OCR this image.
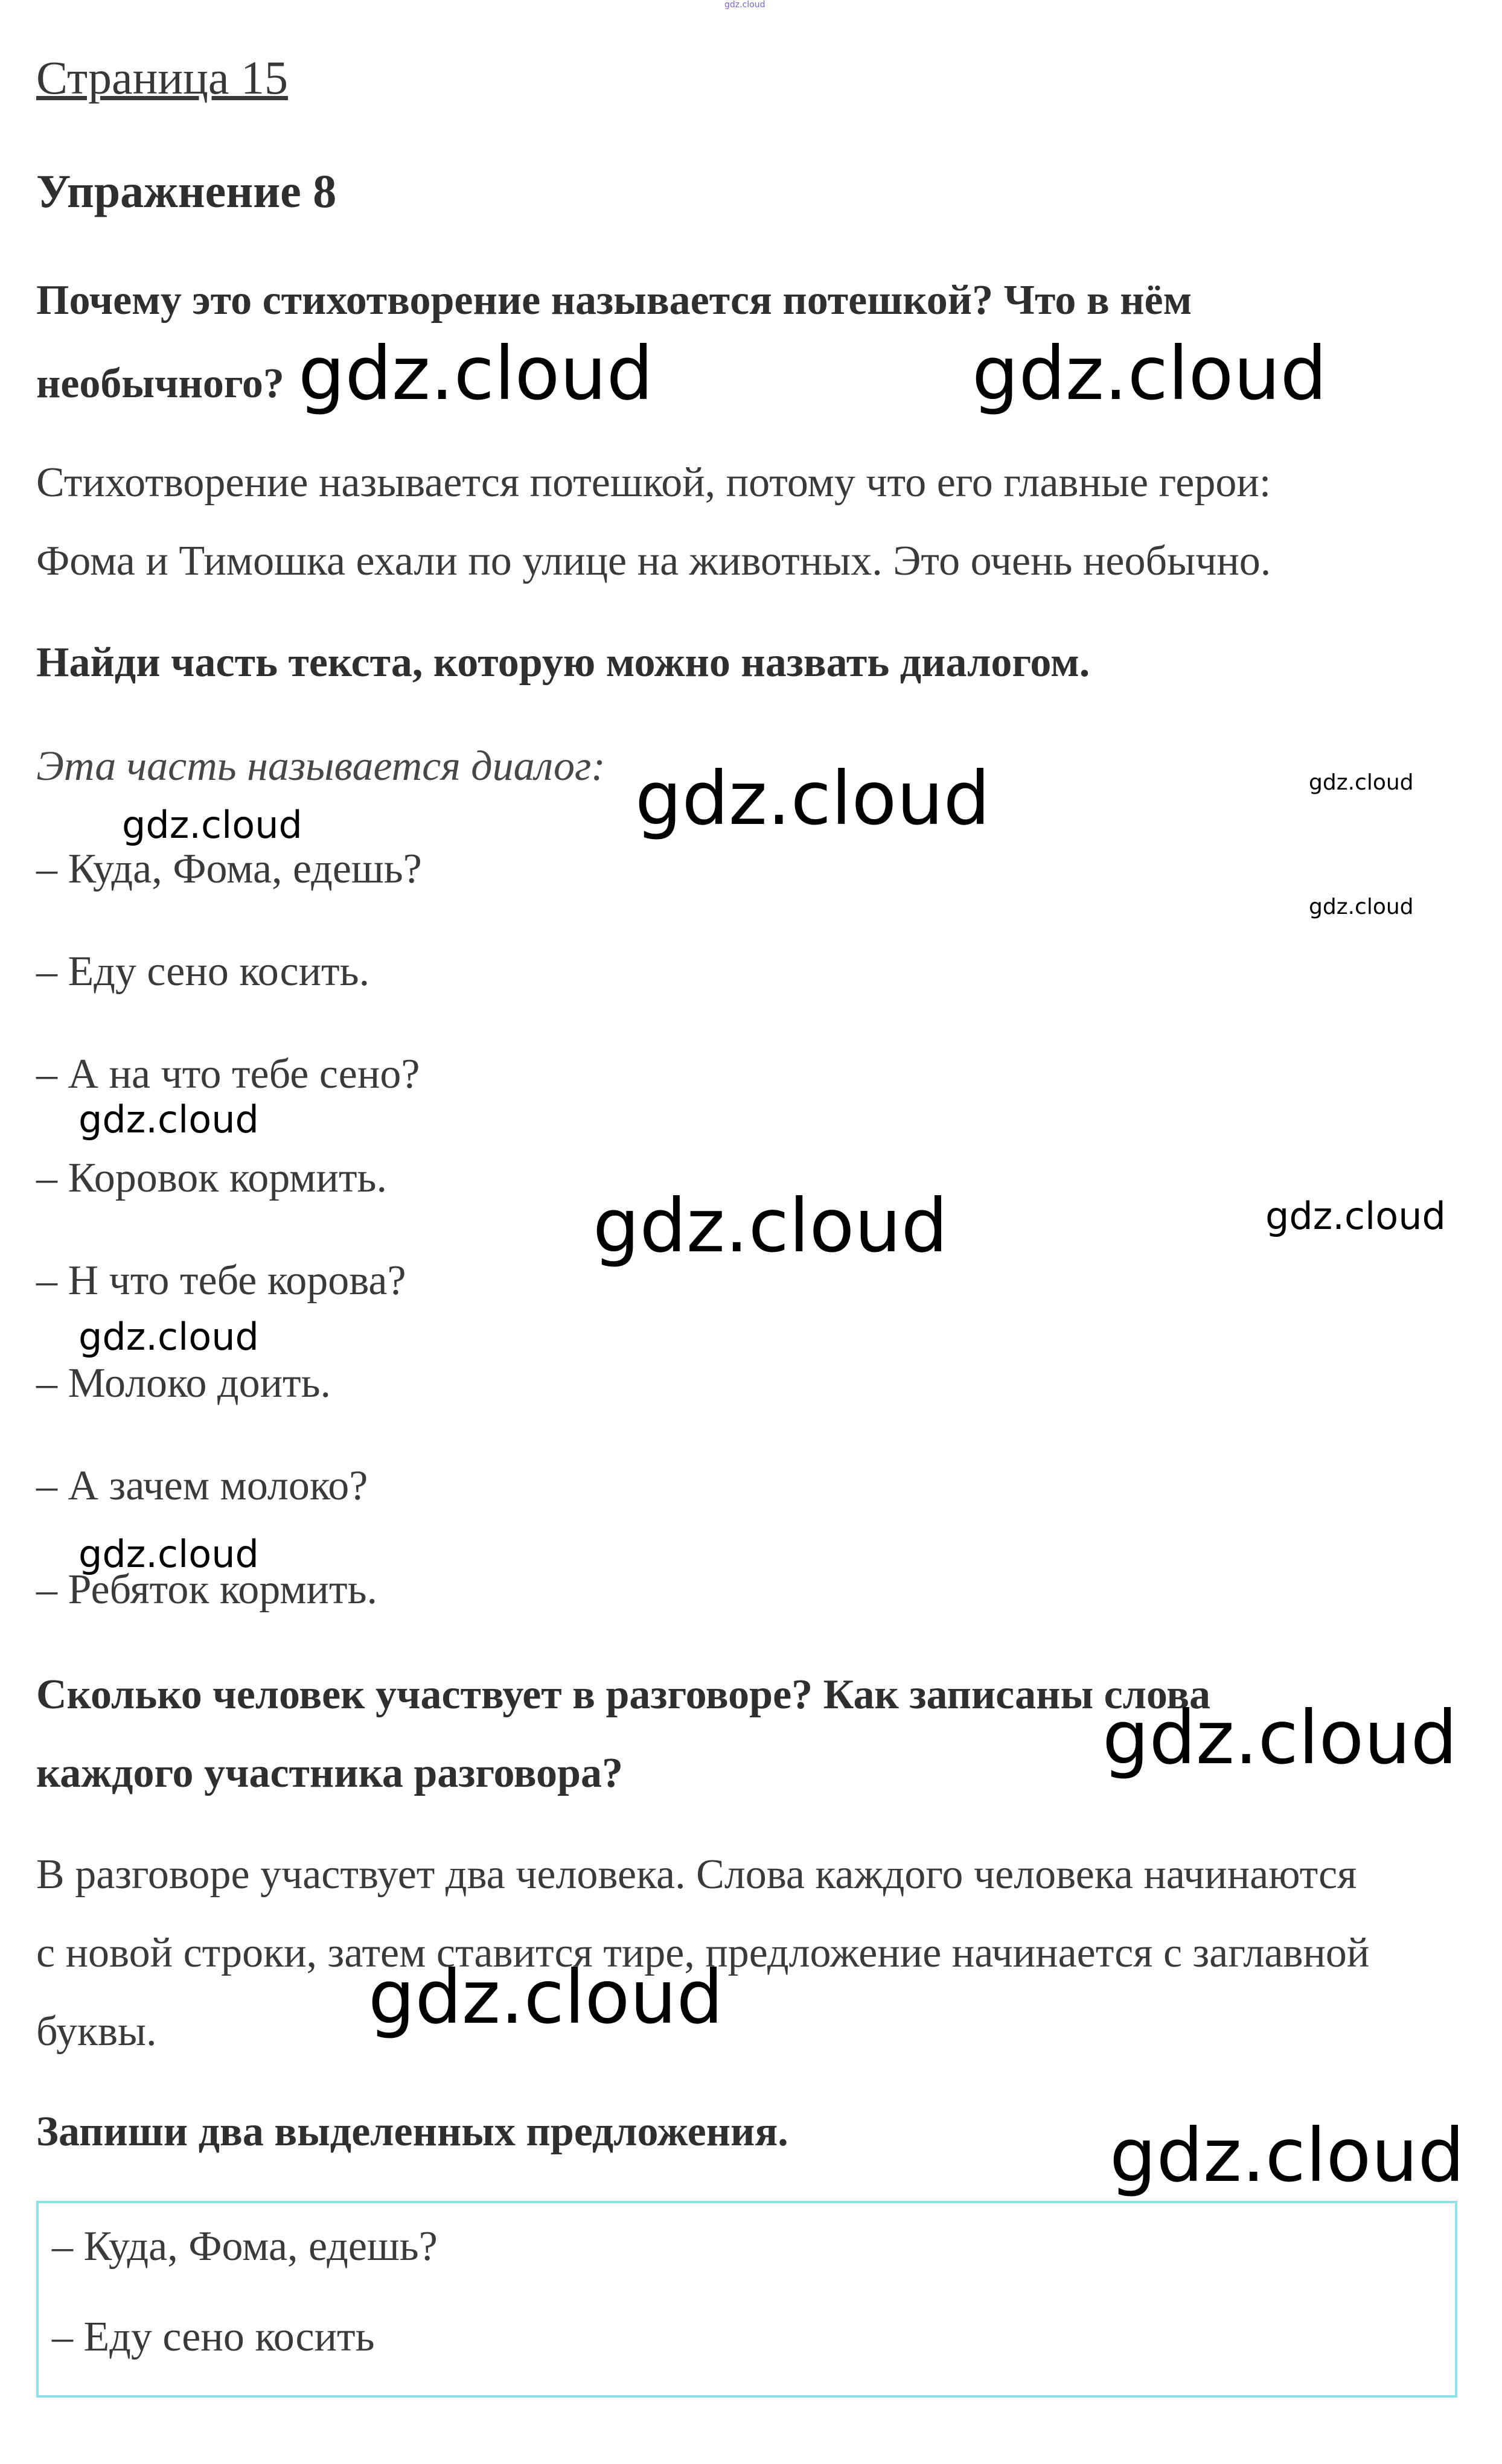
gdz.cloud
Страница 15
Упражнение 8
Почему это стихотворение называется потешкой? Что в нём
необычного?
Стихотворение называется потешкой, потому что его главные герои:
Фома и Тимошка ехали по улице на животных. Это очень необычно.
Найди часть текста, которую можно назвать диалогом.
Эта часть называется диалог:
– Куда, Фома, едешь?
– Еду сено косить.
– А на что тебе сено?
– Коровок кормить.
– Н что тебе корова?
– Молоко доить.
– А зачем молоко?
– Ребяток кормить.
Сколько человек участвует в разговоре? Как записаны слова
каждого участника разговора?
В разговоре участвует два человека. Слова каждого человека начинаются
с новой строки, затем ставится тире, предложение начинается с заглавной
буквы.
Запиши два выделенных предложения.
– Куда, Фома, едешь?
– Еду сено косить
gdz.cloud	gdz.cloud
gdz.cloud	gdz.cloud
gdz.cloud
gdz.cloud
gdz.cloud
gdz.cloud	gdz.cloud
gdz.cloud
gdz.cloud
gdz.cloud
gdz.cloud
gdz.cloud
